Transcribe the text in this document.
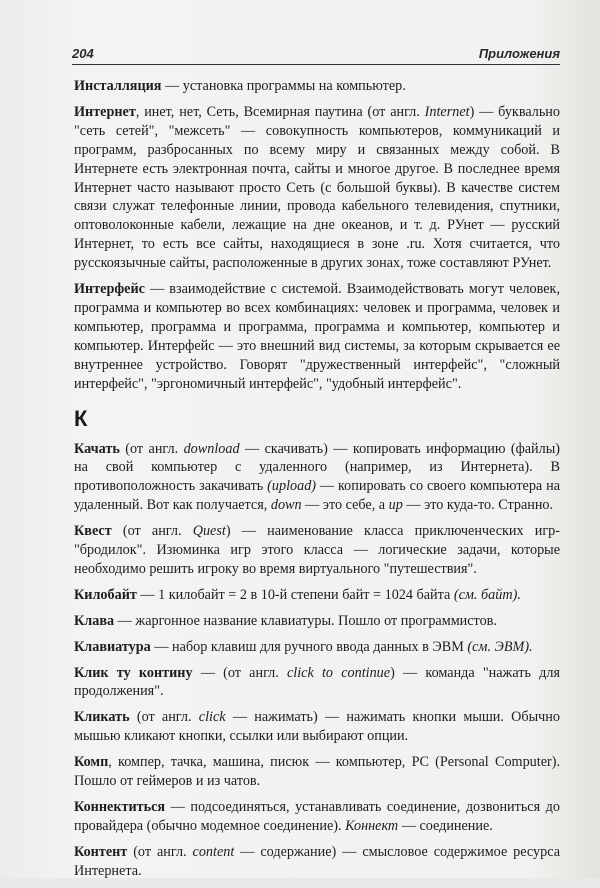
204	Приложения

Инсталляция — установка программы на компьютер.

Интернет, инет, нет, Сеть, Всемирная паутина (от англ. Internet) — буквально "сеть сетей", "межсеть" — совокупность компьютеров, коммуникаций и программ, разбросанных по всему миру и связанных между собой. В Интернете есть электронная почта, сайты и многое другое. В последнее время Интернет часто называют просто Сеть (с большой буквы). В качестве систем связи служат телефонные линии, провода кабельного телевидения, спутники, оптоволоконные кабели, лежащие на дне океанов, и т. д. РУнет — русский Интернет, то есть все сайты, находящиеся в зоне .ru. Хотя считается, что русскоязычные сайты, расположенные в других зонах, тоже составляют РУнет.

Интерфейс — взаимодействие с системой. Взаимодействовать могут человек, программа и компьютер во всех комбинациях: человек и программа, человек и компьютер, программа и программа, программа и компьютер, компьютер и компьютер. Интерфейс — это внешний вид системы, за которым скрывается ее внутреннее устройство. Говорят "дружественный интерфейс", "сложный интерфейс", "эргономичный интерфейс", "удобный интерфейс".

К

Качать (от англ. download — скачивать) — копировать информацию (файлы) на свой компьютер с удаленного (например, из Интернета). В противоположность закачивать (upload) — копировать со своего компьютера на удаленный. Вот как получается, down — это себе, а up — это куда-то. Странно.

Квест (от англ. Quest) — наименование класса приключенческих игр-"бродилок". Изюминка игр этого класса — логические задачи, которые необходимо решить игроку во время виртуального "путешествия".

Килобайт — 1 килобайт = 2 в 10-й степени байт = 1024 байта (см. байт).

Клава — жаргонное название клавиатуры. Пошло от программистов.

Клавиатура — набор клавиш для ручного ввода данных в ЭВМ (см. ЭВМ).

Клик ту контину — (от англ. click to continue) — команда "нажать для продолжения".

Кликать (от англ. click — нажимать) — нажимать кнопки мыши. Обычно мышью кликают кнопки, ссылки или выбирают опции.

Комп, компер, тачка, машина, писюк — компьютер, PC (Personal Computer). Пошло от геймеров и из чатов.

Коннектиться — подсоединяться, устанавливать соединение, дозвониться до провайдера (обычно модемное соединение). Коннект — соединение.

Контент (от англ. content — содержание) — смысловое содержимое ресурса Интернета.
